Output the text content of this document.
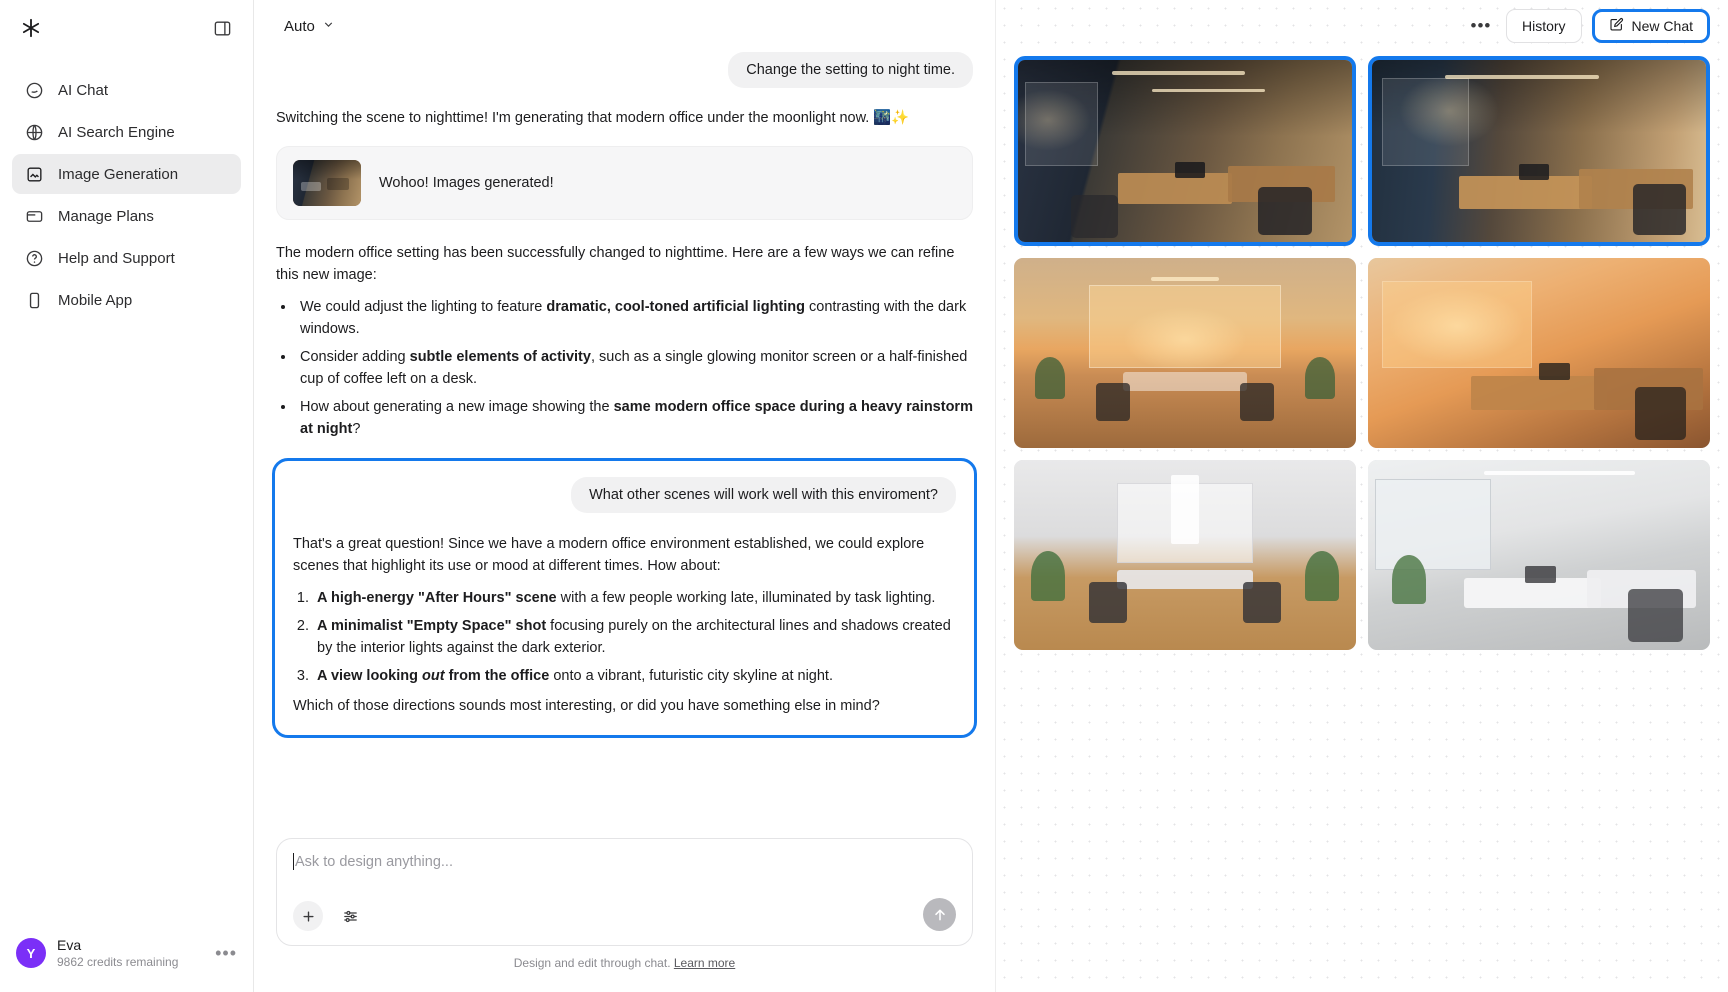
AI Chat
AI Search Engine
Image Generation
Manage Plans
Help and Support
Mobile App
Y	Eva
9862 credits remaining	•••
Auto
Change the setting to night time.
Switching the scene to nighttime! I'm generating that modern office under the moonlight now. 🌃✨
Wohoo! Images generated!
The modern office setting has been successfully changed to nighttime. Here are a few ways we can refine this new image:
• We could adjust the lighting to feature dramatic, cool-toned artificial lighting contrasting with the dark windows.
• Consider adding subtle elements of activity, such as a single glowing monitor screen or a half-finished cup of coffee left on a desk.
• How about generating a new image showing the same modern office space during a heavy rainstorm at night?
What other scenes will work well with this enviroment?
That's a great question! Since we have a modern office environment established, we could explore scenes that highlight its use or mood at different times. How about:
1. A high-energy "After Hours" scene with a few people working late, illuminated by task lighting.
2. A minimalist "Empty Space" shot focusing purely on the architectural lines and shadows created by the interior lights against the dark exterior.
3. A view looking out from the office onto a vibrant, futuristic city skyline at night.
Which of those directions sounds most interesting, or did you have something else in mind?
Ask to design anything...
Design and edit through chat. Learn more
•••	History	New Chat
